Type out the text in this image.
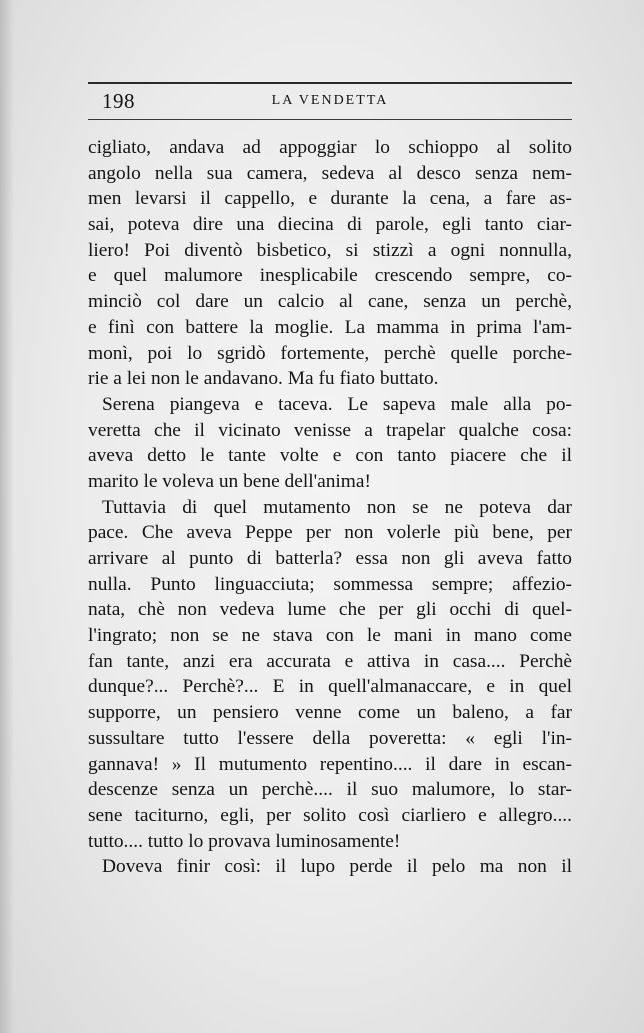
198	LA VENDETTA
cigliato, andava ad appoggiar lo schioppo al solito
angolo nella sua camera, sedeva al desco senza nem-
men levarsi il cappello, e durante la cena, a fare as-
sai, poteva dire una diecina di parole, egli tanto ciar-
liero! Poi diventò bisbetico, si stizzì a ogni nonnulla,
e quel malumore inesplicabile crescendo sempre, co-
minciò col dare un calcio al cane, senza un perchè,
e finì con battere la moglie. La mamma in prima l'am-
monì, poi lo sgridò fortemente, perchè quelle porche-
rie a lei non le andavano. Ma fu fiato buttato.
Serena piangeva e taceva. Le sapeva male alla po-
veretta che il vicinato venisse a trapelar qualche cosa:
aveva detto le tante volte e con tanto piacere che il
marito le voleva un bene dell'anima!
Tuttavia di quel mutamento non se ne poteva dar
pace. Che aveva Peppe per non volerle più bene, per
arrivare al punto di batterla? essa non gli aveva fatto
nulla. Punto linguacciuta; sommessa sempre; affezio-
nata, chè non vedeva lume che per gli occhi di quel-
l'ingrato; non se ne stava con le mani in mano come
fan tante, anzi era accurata e attiva in casa.... Perchè
dunque?... Perchè?... E in quell'almanaccare, e in quel
supporre, un pensiero venne come un baleno, a far
sussultare tutto l'essere della poveretta: « egli l'in-
gannava! » Il mutumento repentino.... il dare in escan-
descenze senza un perchè.... il suo malumore, lo star-
sene taciturno, egli, per solito così ciarliero e allegro....
tutto.... tutto lo provava luminosamente!
Doveva finir così: il lupo perde il pelo ma non il
